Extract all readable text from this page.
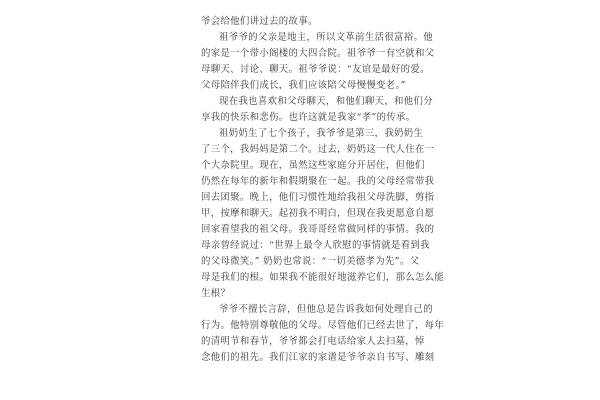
爷会给他们讲过去的故事。
祖爷爷的父亲是地主，所以文革前生活很富裕。他
的家是一个带小阁楼的大四合院。祖爷爷一有空就和父
母聊天、讨论、聊天。祖爷爷说：“友谊是最好的爱。
父母陪伴我们成长，我们应该陪父母慢慢变老。”
现在我也喜欢和父母聊天，和他们聊天，和他们分
享我的快乐和悲伤。也许这就是我家“孝”的传承。
祖奶奶生了七个孩子，我爷爷是第三，我奶奶生
了三个，我妈妈是第二个。过去，奶奶这一代人住在一
个大杂院里。现在，虽然这些家庭分开居住，但他们
仍然在每年的新年和假期聚在一起。我的父母经常带我
回去团聚。晚上，他们习惯性地给我祖父母洗脚，剪指
甲，按摩和聊天。起初我不明白，但现在我更愿意自愿
回家看望我的祖父母。我哥哥经常做同样的事情。我的
母亲曾经说过：“世界上最令人欣慰的事情就是看到我
的父母微笑。” 奶奶也常说：“一切美德孝为先”。父
母是我们的根。如果我不能很好地滋养它们，那么怎么能
生根？
爷爷不擅长言辞，但他总是告诉我如何处理自己的
行为。他特别尊敬他的父母。尽管他们已经去世了，每年
的清明节和春节，爷爷都会打电话给家人去扫墓，悼
念他们的祖先。我们江家的家谱是爷爷亲自书写、雕刻
